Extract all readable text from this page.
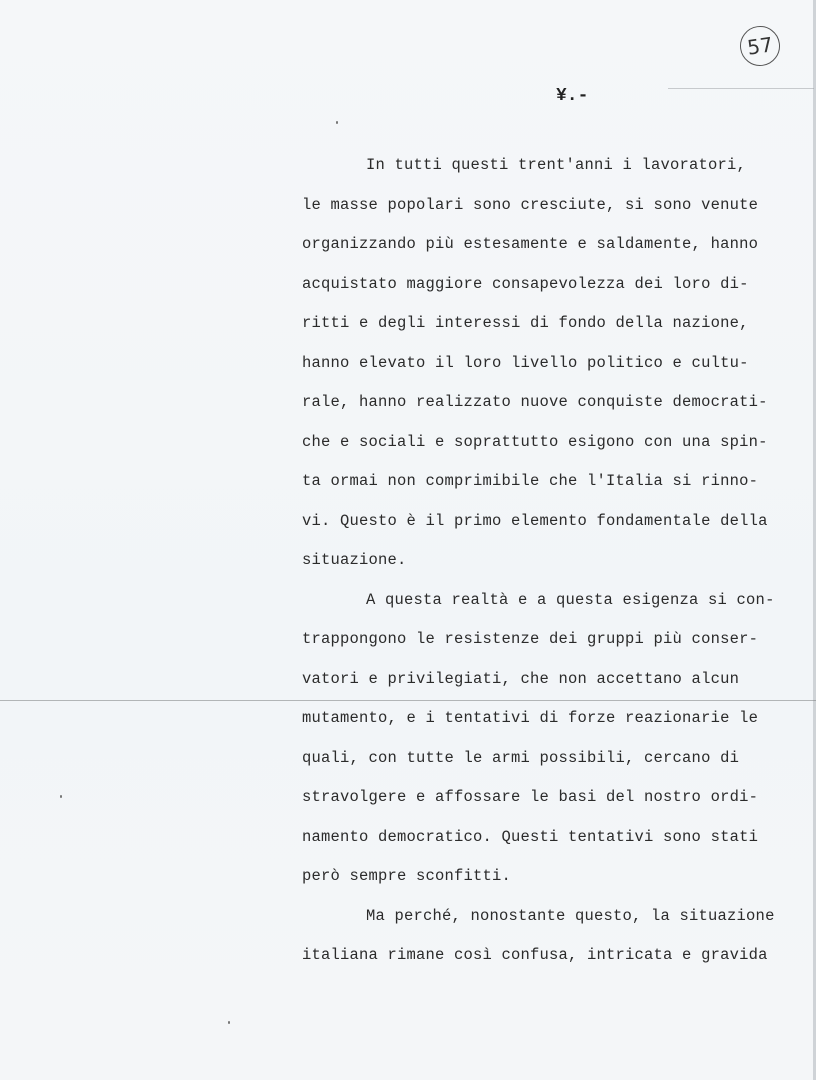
57
¥.-
In tutti questi trent'anni i lavoratori,
le masse popolari sono cresciute, si sono venute
organizzando più estesamente e saldamente, hanno
acquistato maggiore consapevolezza dei loro di-
ritti e degli interessi di fondo della nazione,
hanno elevato il loro livello politico e cultu-
rale, hanno realizzato nuove conquiste democrati-
che e sociali e soprattutto esigono con una spin-
ta ormai non comprimibile che l'Italia si rinno-
vi. Questo è il primo elemento fondamentale della
situazione.
A questa realtà e a questa esigenza si con-
trappongono le resistenze dei gruppi più conser-
vatori e privilegiati, che non accettano alcun
mutamento, e i tentativi di forze reazionarie le
quali, con tutte le armi possibili, cercano di
stravolgere e affossare le basi del nostro ordi-
namento democratico. Questi tentativi sono stati
però sempre sconfitti.
Ma perché, nonostante questo, la situazione
italiana rimane così confusa, intricata e gravida
